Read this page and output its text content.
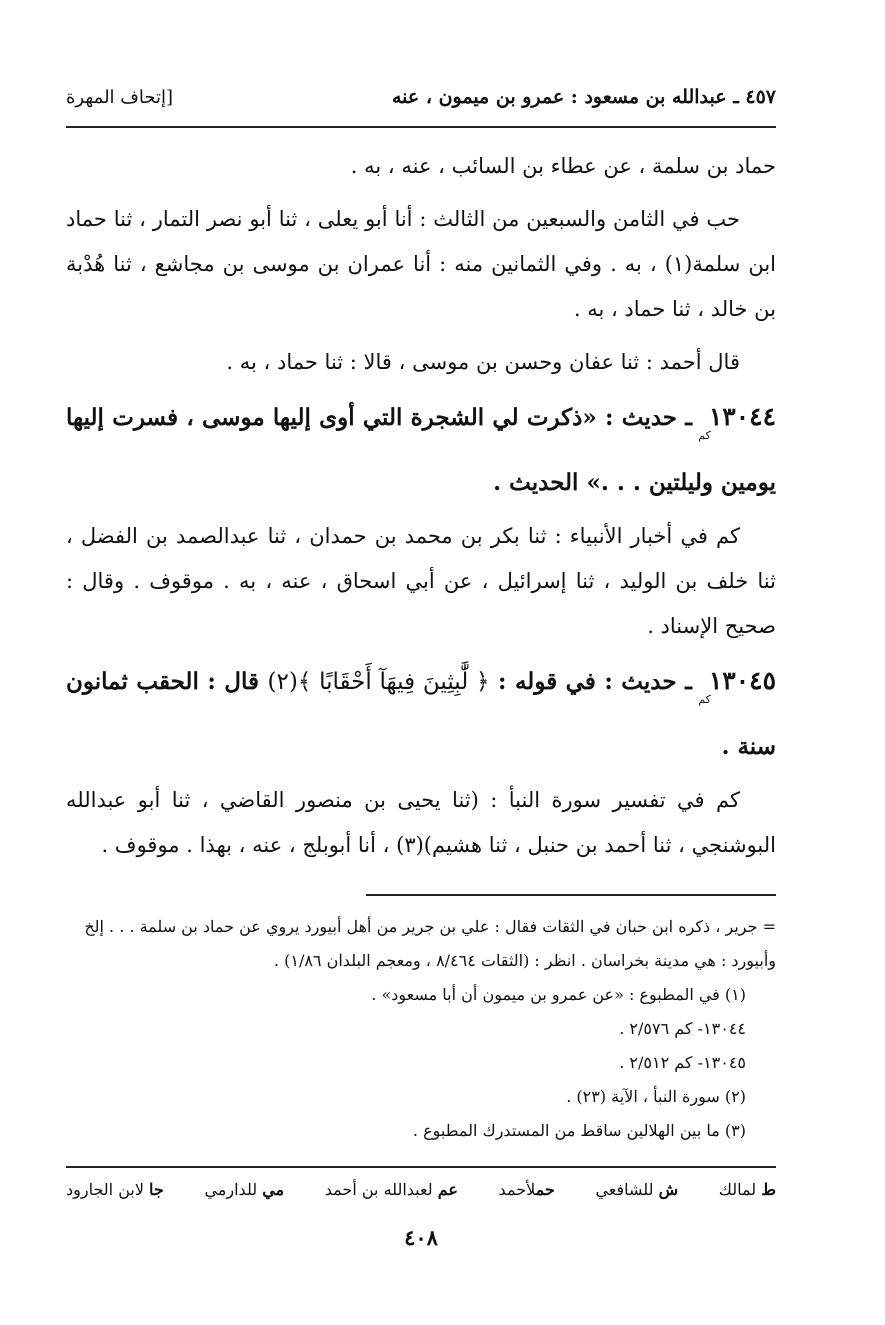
٤٥٧ ـ عبدالله بن مسعود : عمرو بن ميمون ، عنه
[إتحاف المهرة

حماد بن سلمة ، عن عطاء بن السائب ، عنه ، به .

حب في الثامن والسبعين من الثالث : أنا أبو يعلى ، ثنا أبو نصر التمار ، ثنا حماد ابن سلمة(١) ، به . وفي الثمانين منه : أنا عمران بن موسى بن مجاشع ، ثنا هُدْبة بن خالد ، ثنا حماد ، به .

قال أحمد : ثنا عفان وحسن بن موسى ، قالا : ثنا حماد ، به .

$١٣٠٤٤_{كم}$ ـ حديث : «ذكرت لي الشجرة التي أوى إليها موسى ، فسرت إليها يومين وليلتين . . .» الحديث .

كم في أخبار الأنبياء : ثنا بكر بن محمد بن حمدان ، ثنا عبدالصمد بن الفضل ، ثنا خلف بن الوليد ، ثنا إسرائيل ، عن أبي اسحاق ، عنه ، به . موقوف . وقال : صحيح الإسناد .

$١٣٠٤٥_{كم}$ ـ حديث : في قوله : ﴿ لَّٰبِثِينَ فِيهَآ أَحْقَابًا ﴾(٢) قال : الحقب ثمانون سنة .

كم في تفسير سورة النبأ : (ثنا يحيى بن منصور القاضي ، ثنا أبو عبدالله البوشنجي ، ثنا أحمد بن حنبل ، ثنا هشيم)(٣) ، أنا أبوبلج ، عنه ، بهذا . موقوف .

= جرير ، ذكره ابن حبان في الثقات فقال : علي بن جرير من أهل أبيورد يروي عن حماد بن سلمة . . . إلخ وأبيورد : هي مدينة بخراسان . انظر : (الثقات ٨/٤٦٤ ، ومعجم البلدان ١/٨٦) .

(١) في المطبوع : «عن عمرو بن ميمون أن أبا مسعود» .

١٣٠٤٤- كم ٢/٥٧٦ .

١٣٠٤٥- كم ٢/٥١٢ .

(٢) سورة النبأ ، الآية (٢٣) .

(٣) ما بين الهلالين ساقط من المستدرك المطبوع .

ط لمالك
ش للشافعي
حملأحمد
عم لعبدالله بن أحمد
مي للدارمي
جا لابن الجارود
٤٠٨
